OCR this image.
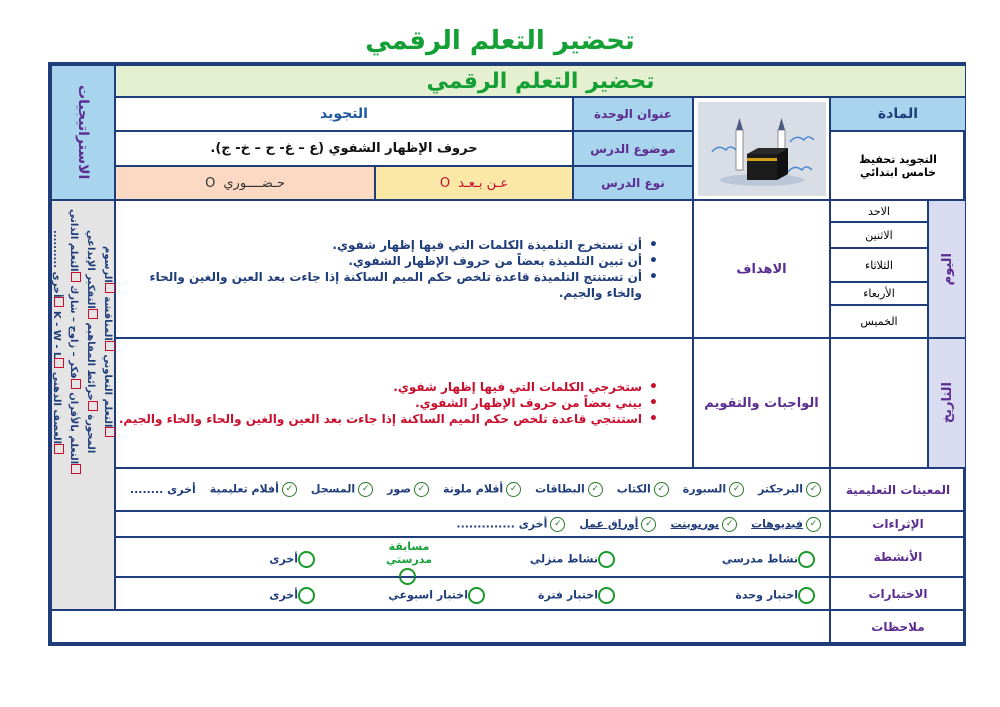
تحضير التعلم الرقمي
تحضير التعلم الرقمي
الاستراتيجيات	المادة
التجويد تحفيظ
خامس ابتدائي
عنوان الوحدة
التجويد
موضوع الدرس
حروف الإظهار الشفوي (ع – غ- ح – خ- ج).
نوع الدرس
عـن بـعـد
O
حـضــــوري
O
التعلم التعاوني المناقشة الرسوم
المحورة خرائط المفاهيم التفكير الإبداعي
التعلم بالأقران فكر – زاوج – شارك التعلم الذاتي
العصف الذهني K - W - L أخرى ..........	اليوم
التاريخ
الاحد
الاثنين
الثلاثاء
الأربعاء
الخميس
الاهداف
• أن تستخرج التلميذة الكلمات التي فيها إظهار شفوي.
• أن تبين التلميذة بعضاً من حروف الإظهار الشفوي.
• أن تستنتج التلميذة قاعدة تلخص حكم الميم الساكنة إذا جاءت بعد العين والغين والحاء والخاء والجيم.
الواجبات والتقويم
• ستخرجي الكلمات التي فيها إظهار شفوي.
• بيني بعضاً من حروف الإظهار الشفوي.
• استنتجي قاعدة تلخص حكم الميم الساكنة إذا جاءت بعد العين والغين والحاء والخاء والجيم.
المعينات التعليمية
✓البرجكتر
✓السبورة
✓الكتاب
✓البطاقات
✓أقلام ملونة
✓صور
✓المسجل
✓أفلام تعليمية
أخرى ........
الإثراءات
✓فيديوهات
✓بوربوينت
✓أوراق عمل
✓أخرى ..............
الأنشطة
نشاط مدرسي
نشاط منزلي
مسابقة مدرستي

أخرى
الاختبارات
اختبار وحدة
اختبار فترة
اختبار اسبوعي
أخرى
ملاحظات
